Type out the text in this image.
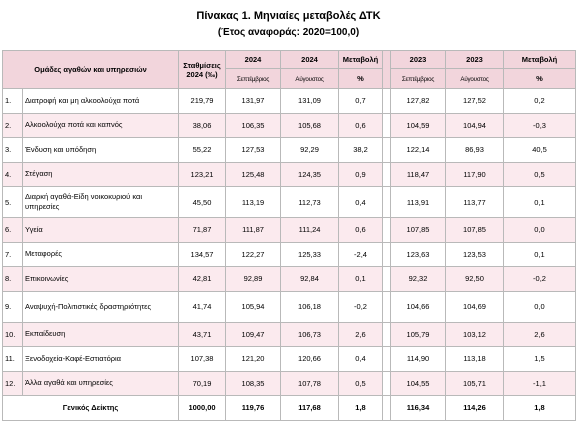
Πίνακας 1. Μηνιαίες μεταβολές ΔΤΚ
(Έτος αναφοράς: 2020=100,0)
Ομάδες αγαθών και υπηρεσιών		Σταθμίσεις 2024 (‰)	2024	2024	Μεταβολή		2023	2023	Μεταβολή
			Σεπτέμβριος	Αύγουστος	%		Σεπτέμβριος	Αύγουστος	%
1.	Διατροφή και μη αλκοολούχα ποτά	219,79	131,97	131,09	0,7		127,82	127,52	0,2
2.	Αλκοολούχα ποτά και καπνός	38,06	106,35	105,68	0,6		104,59	104,94	-0,3
3.	Ένδυση και υπόδηση	55,22	127,53	92,29	38,2		122,14	86,93	40,5
4.	Στέγαση	123,21	125,48	124,35	0,9		118,47	117,90	0,5
5.	Διαρκή αγαθά-Είδη νοικοκυριού και υπηρεσίες	45,50	113,19	112,73	0,4		113,91	113,77	0,1
6.	Υγεία	71,87	111,87	111,24	0,6		107,85	107,85	0,0
7.	Μεταφορές	134,57	122,27	125,33	-2,4		123,63	123,53	0,1
8.	Επικοινωνίες	42,81	92,89	92,84	0,1		92,32	92,50	-0,2
9.	Αναψυχή-Πολιτιστικές δραστηριότητες	41,74	105,94	106,18	-0,2		104,66	104,69	0,0
10.	Εκπαίδευση	43,71	109,47	106,73	2,6		105,79	103,12	2,6
11.	Ξενοδοχεία-Καφέ-Εστιατόρια	107,38	121,20	120,66	0,4		114,90	113,18	1,5
12.	Άλλα αγαθά και υπηρεσίες	70,19	108,35	107,78	0,5		104,55	105,71	-1,1
Γενικός Δείκτης		1000,00	119,76	117,68	1,8		116,34	114,26	1,8
